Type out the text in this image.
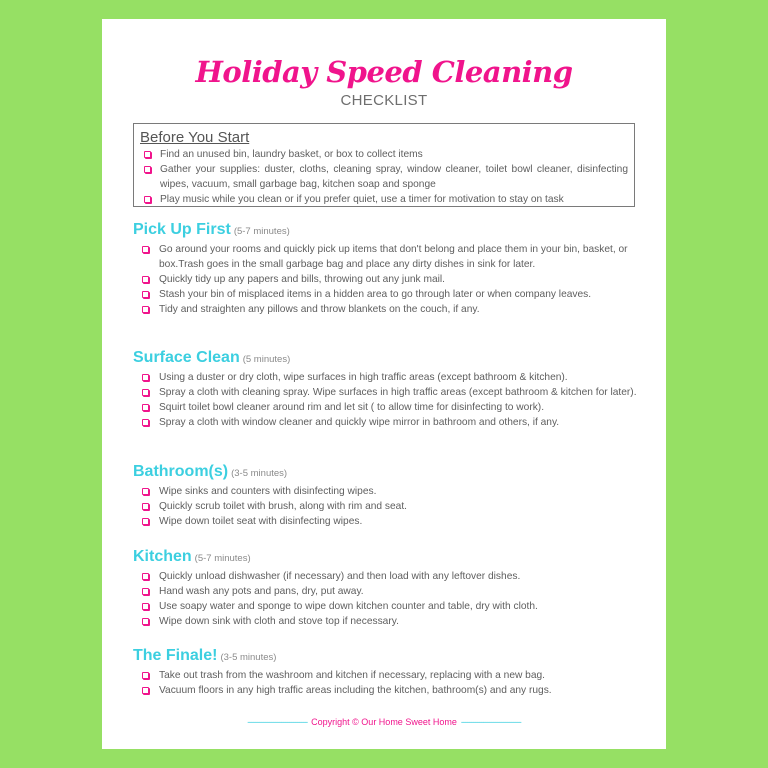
Holiday Speed Cleaning
CHECKLIST
Before You Start
Find an unused bin, laundry basket, or box to collect items
Gather your supplies: duster, cloths, cleaning spray, window cleaner, toilet bowl cleaner, disinfecting wipes, vacuum, small garbage bag, kitchen soap and sponge
Play music while you clean or if you prefer quiet, use a timer for motivation to stay on task
Pick Up First (5-7 minutes)
Go around your rooms and quickly pick up items that don't belong and place them in your bin, basket, or box.Trash goes in the small garbage bag and place any dirty dishes in sink for later.
Quickly tidy up any papers and bills, throwing out any junk mail.
Stash your bin of misplaced items in a hidden area to go through later or when company leaves.
Tidy and straighten any pillows and throw blankets on the couch, if any.
Surface Clean (5 minutes)
Using a duster or dry cloth, wipe surfaces in high traffic areas (except bathroom & kitchen).
Spray a cloth with cleaning spray. Wipe surfaces in high traffic areas (except bathroom & kitchen for later).
Squirt toilet bowl cleaner around rim and let sit ( to allow time for disinfecting to work).
Spray a cloth with window cleaner and quickly wipe mirror in bathroom and others, if any.
Bathroom(s) (3-5 minutes)
Wipe sinks and counters with disinfecting wipes.
Quickly scrub toilet with brush, along with rim and seat.
Wipe down toilet seat with disinfecting wipes.
Kitchen (5-7 minutes)
Quickly unload dishwasher (if necessary) and then load with any leftover dishes.
Hand wash any pots and pans, dry, put away.
Use soapy water and sponge to wipe down kitchen counter and table, dry with cloth.
Wipe down sink with cloth and stove top if necessary.
The Finale! (3-5 minutes)
Take out trash from the washroom and kitchen if necessary, replacing with a new bag.
Vacuum floors in any high traffic areas including the kitchen, bathroom(s) and any rugs.
------------------------------ Copyright © Our Home Sweet Home ------------------------------
